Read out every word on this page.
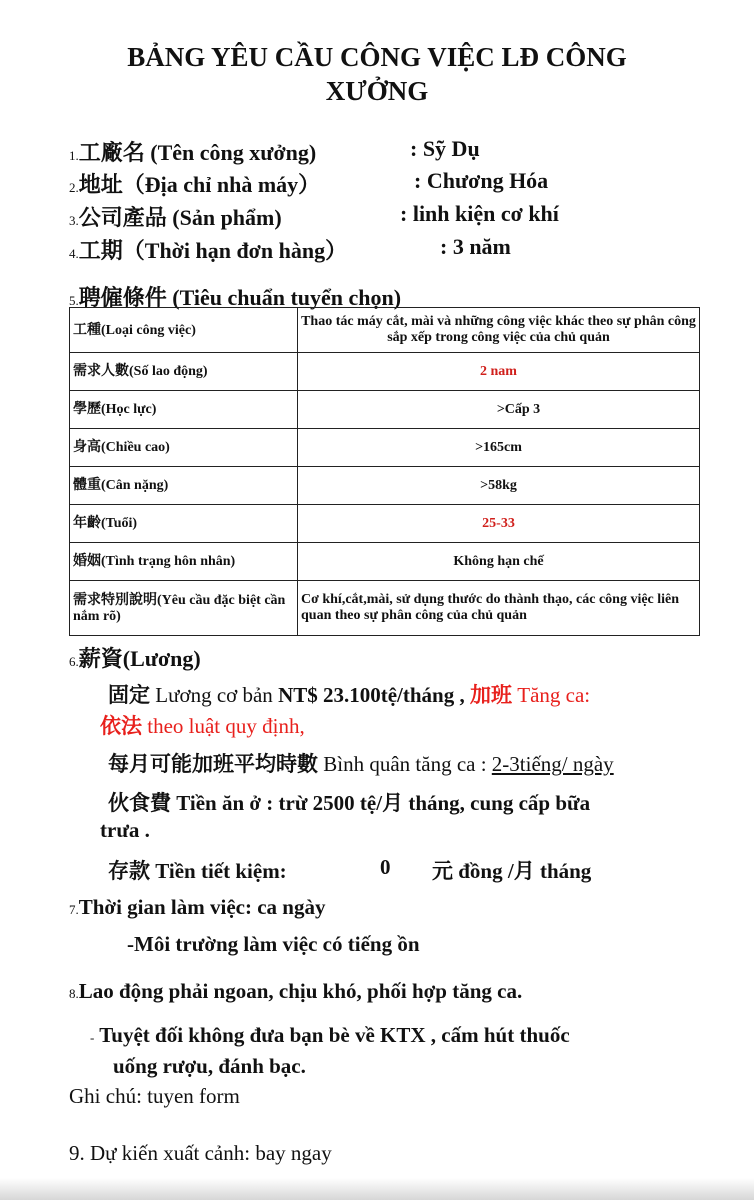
BẢNG YÊU CẦU CÔNG VIỆC LĐ CÔNG
XƯỞNG
1.工廠名 (Tên công xưởng)	: Sỹ Dụ
2.地址（Địa chỉ nhà máy）	: Chương Hóa
3.公司產品 (Sản phẩm)	: linh kiện cơ khí
4.工期（Thời hạn đơn hàng）	: 3 năm
5.聘僱條件 (Tiêu chuẩn tuyển chọn)
工種(Loại công việc)	Thao tác máy cắt, mài và những công việc khác theo sự phân công sắp xếp trong công việc của chủ quản

需求人數(Số lao động)	2 nam

學歷(Học lực)	>Cấp 3

身高(Chiều cao)	>165cm

體重(Cân nặng)	>58kg

年齡(Tuổi)	25-33

婚姻(Tình trạng hôn nhân)	Không hạn chế

需求特別說明(Yêu cầu đặc biệt cần nắm rõ)	Cơ khí,cắt,mài, sử dụng thước do thành thạo, các công việc liên quan theo sự phân công của chủ quản
6.薪資(Lương)
固定 Lương cơ bản NT$ 23.100tệ/tháng , 加班 Tăng ca:
依法 theo luật quy định,
每月可能加班平均時數 Bình quân tăng ca : 2-3tiếng/ ngày
伙食費 Tiền ăn ở : trừ 2500 tệ/月 tháng, cung cấp bữa
trưa .
存款 Tiền tiết kiệm:	0 元 đồng /月 tháng
7.Thời gian làm việc: ca ngày
-Môi trường làm việc có tiếng ồn
8.Lao động phải ngoan, chịu khó, phối hợp tăng ca.
- Tuyệt đối không đưa bạn bè về KTX , cấm hút thuốc
uống rượu, đánh bạc.
Ghi chú: tuyen form
9. Dự kiến xuất cảnh: bay ngay
